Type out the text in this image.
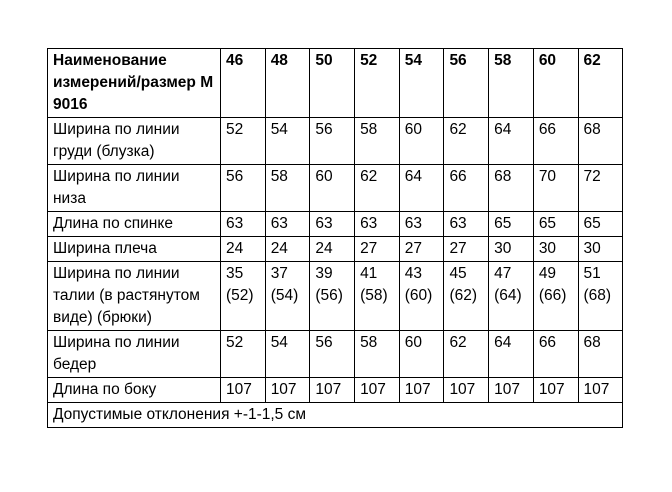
Наименование измерений/размер М 9016	46	48	50	52	54	56	58	60	62
Ширина по линии груди (блузка)	52	54	56	58	60	62	64	66	68
Ширина по линии низа	56	58	60	62	64	66	68	70	72
Длина по спинке	63	63	63	63	63	63	65	65	65
Ширина плеча	24	24	24	27	27	27	30	30	30
Ширина по линии талии (в растянутом виде) (брюки)	35 (52)	37 (54)	39 (56)	41 (58)	43 (60)	45 (62)	47 (64)	49 (66)	51 (68)
Ширина по линии бедер	52	54	56	58	60	62	64	66	68
Длина по боку	107	107	107	107	107	107	107	107	107
Допустимые отклонения +-1-1,5 см									
